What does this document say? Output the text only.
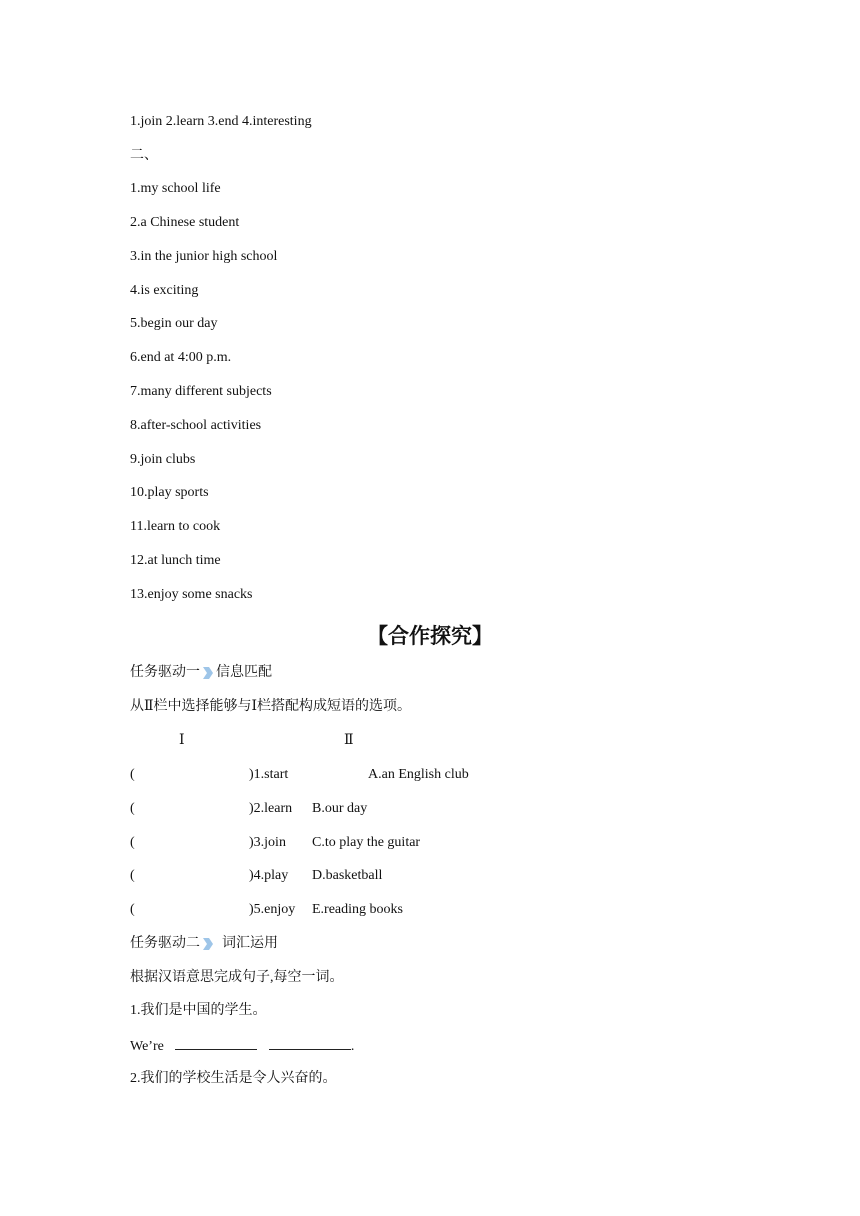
1.join 2.learn 3.end 4.interesting
二、
1.my school life
2.a Chinese student
3.in the junior high school
4.is exciting
5.begin our day
6.end at 4:00 p.m.
7.many different subjects
8.after-school activities
9.join clubs
10.play sports
11.learn to cook
12.at lunch time
13.enjoy some snacks
【合作探究】
任务驱动一 信息匹配
从Ⅱ栏中选择能够与Ⅰ栏搭配构成短语的选项。
Ⅰ	Ⅱ
(	)1.start	A.an English club
(	)2.learn B.our day
(	)3.join C.to play the guitar
(	)4.play D.basketball
(	)5.enjoy E.reading books
任务驱动二 词汇运用
根据汉语意思完成句子,每空一词。
1.我们是中国的学生。
We’re	.
2.我们的学校生活是令人兴奋的。
